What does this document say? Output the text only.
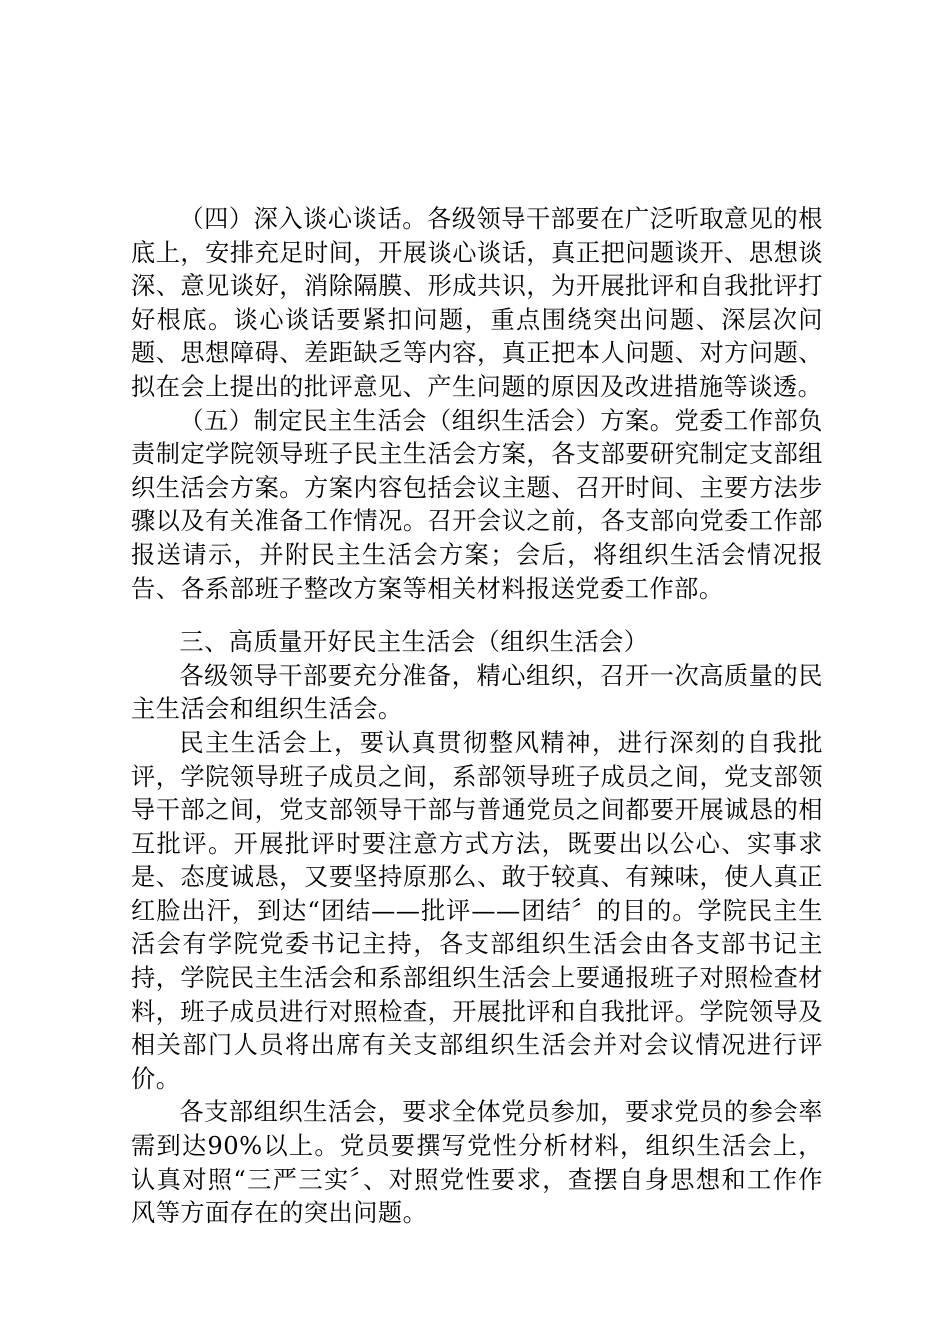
（四）深入谈心谈话。各级领导干部要在广泛听取意见的根底上，安排充足时间，开展谈心谈话，真正把问题谈开、思想谈深、意见谈好，消除隔膜、形成共识，为开展批评和自我批评打好根底。谈心谈话要紧扣问题，重点围绕突出问题、深层次问题、思想障碍、差距缺乏等内容，真正把本人问题、对方问题、拟在会上提出的批评意见、产生问题的原因及改进措施等谈透。

（五）制定民主生活会（组织生活会）方案。党委工作部负责制定学院领导班子民主生活会方案，各支部要研究制定支部组织生活会方案。方案内容包括会议主题、召开时间、主要方法步骤以及有关准备工作情况。召开会议之前，各支部向党委工作部报送请示，并附民主生活会方案；会后，将组织生活会情况报告、各系部班子整改方案等相关材料报送党委工作部。

三、高质量开好民主生活会（组织生活会）

各级领导干部要充分准备，精心组织，召开一次高质量的民主生活会和组织生活会。

民主生活会上，要认真贯彻整风精神，进行深刻的自我批评，学院领导班子成员之间，系部领导班子成员之间，党支部领导干部之间，党支部领导干部与普通党员之间都要开展诚恳的相互批评。开展批评时要注意方式方法，既要出以公心、实事求是、态度诚恳，又要坚持原那么、敢于较真、有辣味，使人真正红脸出汗，到达“团结——批评——团结〞的目的。学院民主生活会有学院党委书记主持，各支部组织生活会由各支部书记主持，学院民主生活会和系部组织生活会上要通报班子对照检查材料，班子成员进行对照检查，开展批评和自我批评。学院领导及相关部门人员将出席有关支部组织生活会并对会议情况进行评价。

各支部组织生活会，要求全体党员参加，要求党员的参会率需到达90%以上。党员要撰写党性分析材料，组织生活会上，认真对照“三严三实〞、对照党性要求，查摆自身思想和工作作风等方面存在的突出问题。
